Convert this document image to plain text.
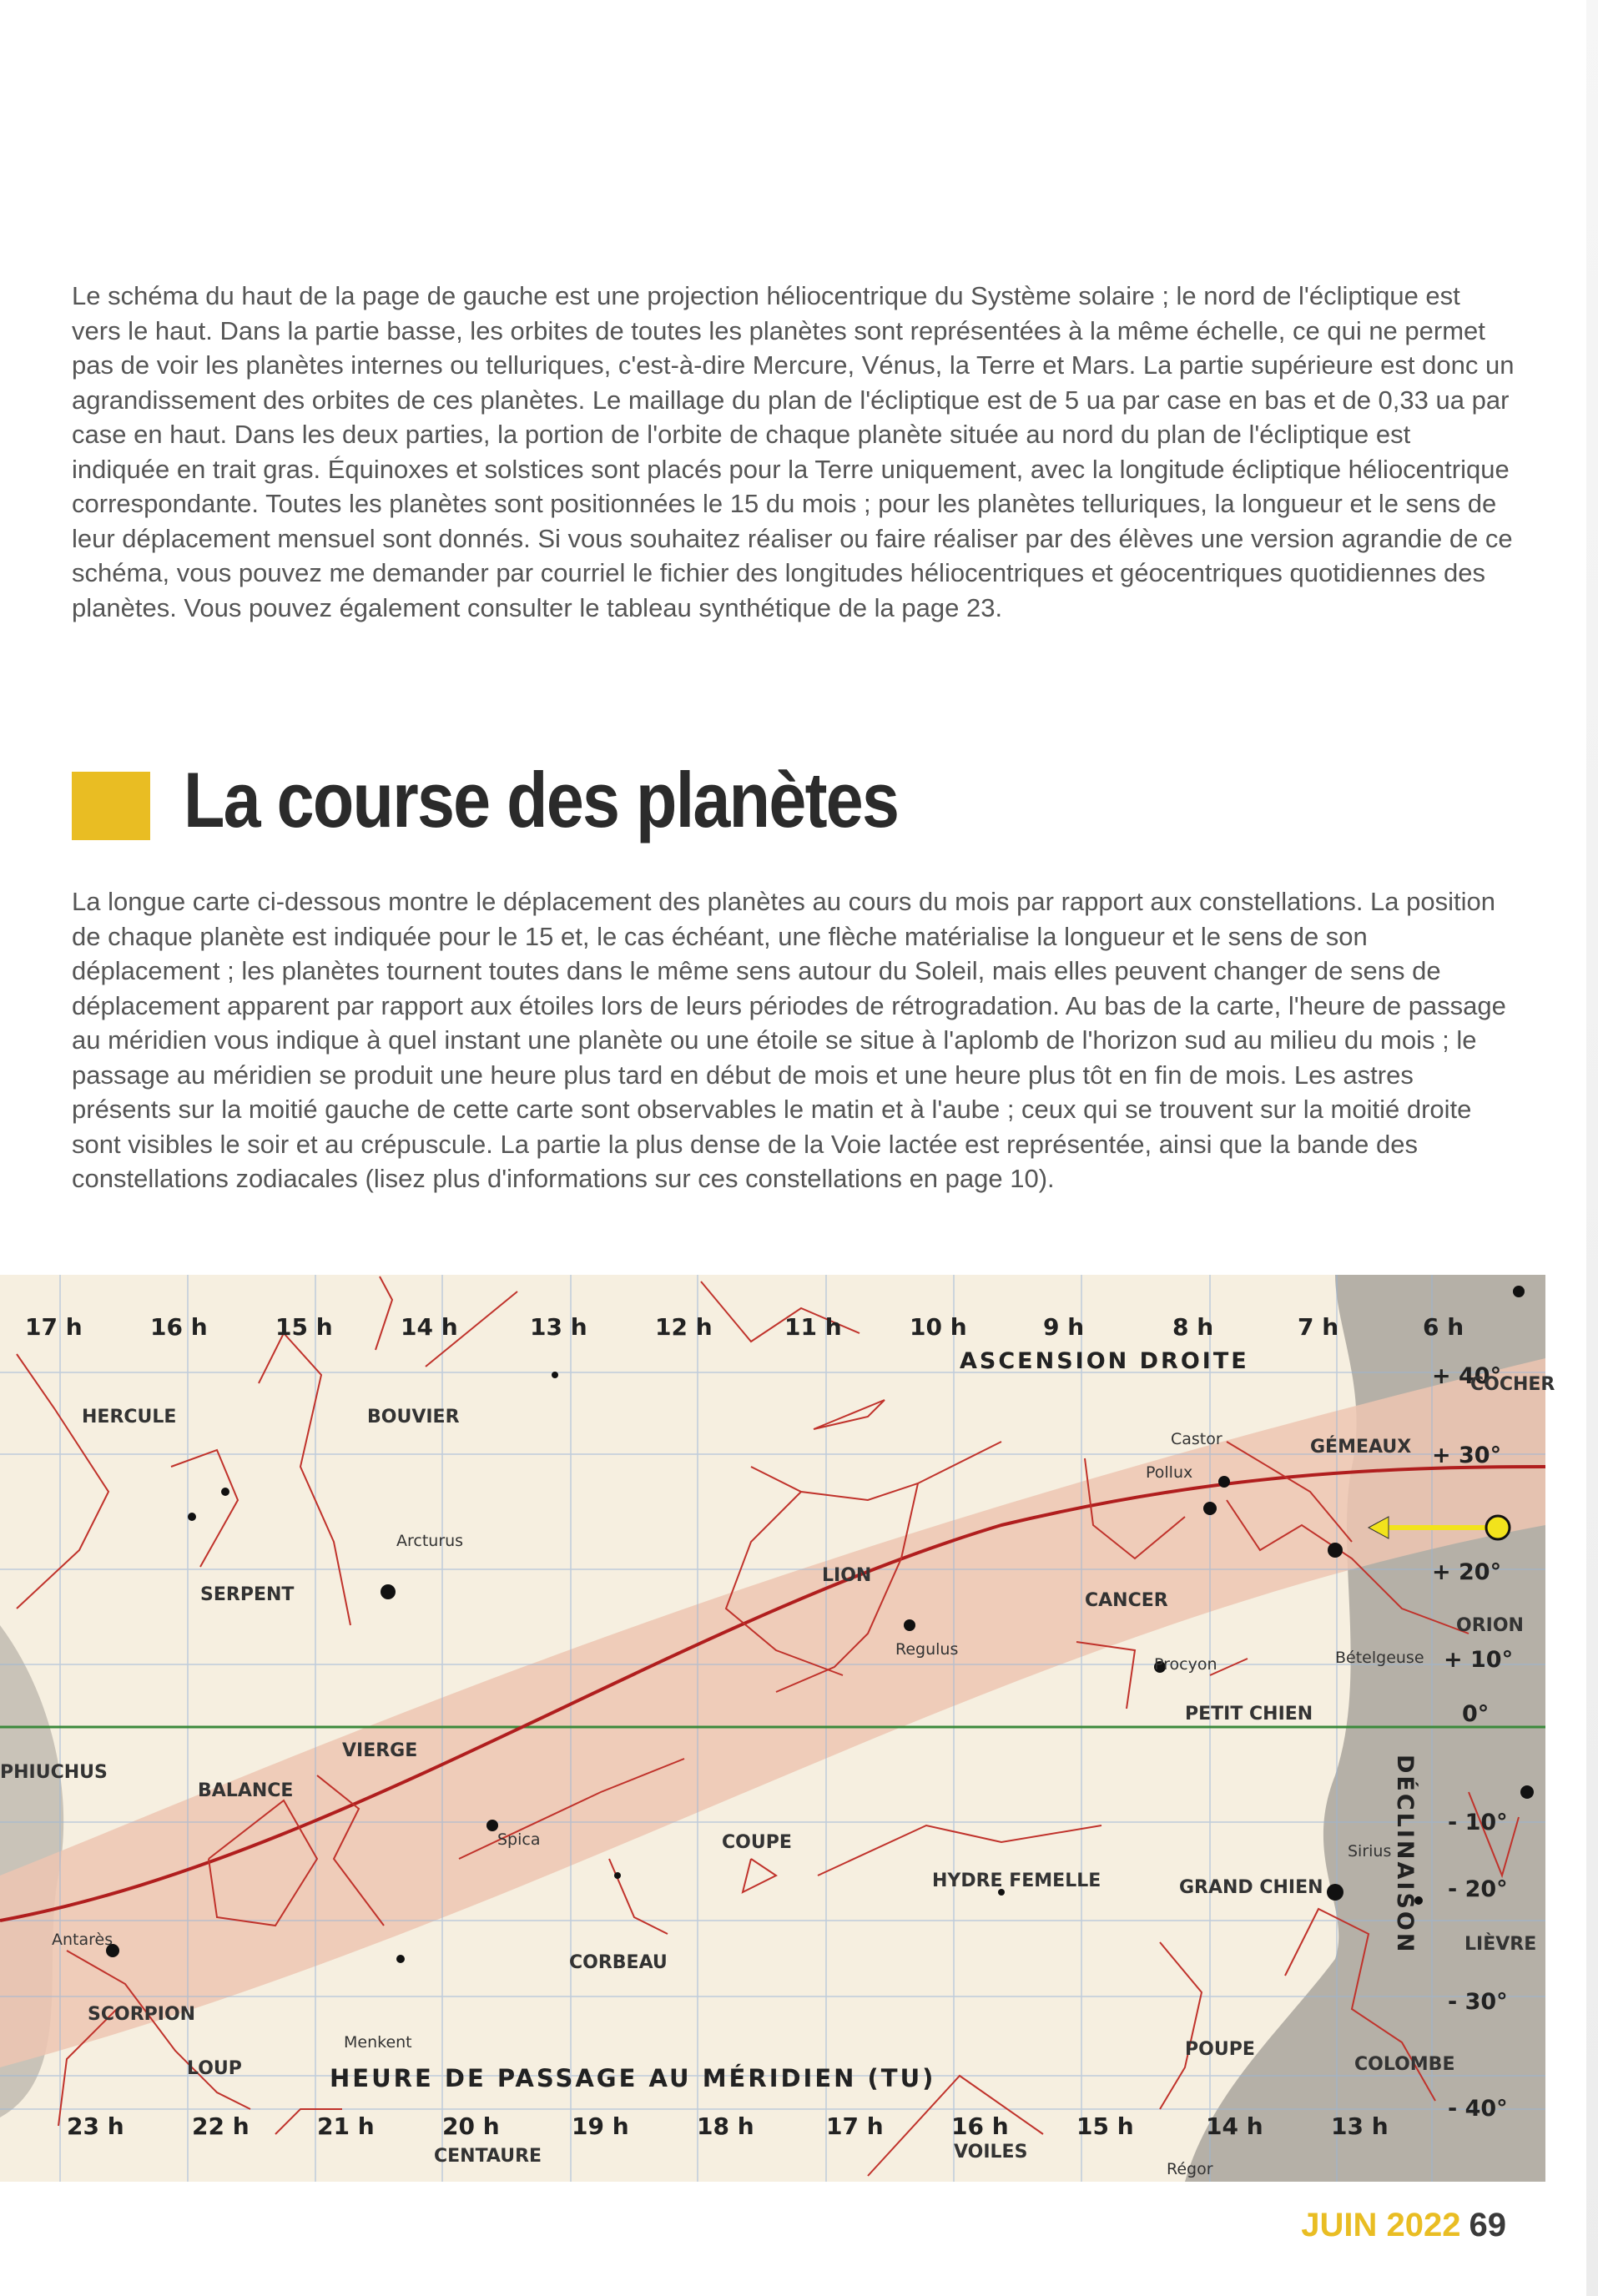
Le schéma du haut de la page de gauche est une projection héliocentrique du Système solaire ; le nord de l'écliptique est vers le haut. Dans la partie basse, les orbites de toutes les planètes sont représentées à la même échelle, ce qui ne permet pas de voir les planètes internes ou telluriques, c'est-à-dire Mercure, Vénus, la Terre et Mars. La partie supérieure est donc un agrandissement des orbites de ces planètes. Le maillage du plan de l'écliptique est de 5 ua par case en bas et de 0,33 ua par case en haut. Dans les deux parties, la portion de l'orbite de chaque planète située au nord du plan de l'écliptique est indiquée en trait gras. Équinoxes et solstices sont placés pour la Terre uniquement, avec la longitude écliptique héliocentrique correspondante. Toutes les planètes sont positionnées le 15 du mois ; pour les planètes telluriques, la longueur et le sens de leur déplacement mensuel sont donnés. Si vous souhaitez réaliser ou faire réaliser par des élèves une version agrandie de ce schéma, vous pouvez me demander par courriel le fichier des longitudes héliocentriques et géocentriques quotidiennes des planètes. Vous pouvez également consulter le tableau synthétique de la page 23.

La course des planètes

La longue carte ci-dessous montre le déplacement des planètes au cours du mois par rapport aux constellations. La position de chaque planète est indiquée pour le 15 et, le cas échéant, une flèche matérialise la longueur et le sens de son déplacement ; les planètes tournent toutes dans le même sens autour du Soleil, mais elles peuvent changer de sens de déplacement apparent par rapport aux étoiles lors de leurs périodes de rétrogradation. Au bas de la carte, l'heure de passage au méridien vous indique à quel instant une planète ou une étoile se situe à l'aplomb de l'horizon sud au milieu du mois ; le passage au méridien se produit une heure plus tard en début de mois et une heure plus tôt en fin de mois. Les astres présents sur la moitié gauche de cette carte sont observables le matin et à l'aube ; ceux qui se trouvent sur la moitié droite sont visibles le soir et au crépuscule. La partie la plus dense de la Voie lactée est représentée, ainsi que la bande des constellations zodiacales (lisez plus d'informations sur ces constellations en page 10).

17 h	16 h	15 h	14 h	13 h	12 h	11 h	10 h	9 h	8 h	7 h	6 h
ASCENSION DROITE
+ 40°
+ 30°
+ 20°
+ 10°
0°
- 10°
- 20°
- 30°
- 40°
DÉCLINAISON
HEURE DE PASSAGE AU MÉRIDIEN (TU)
23 h	22 h	21 h	20 h	19 h	18 h	17 h	16 h	15 h	14 h	13 h
HERCULE	BOUVIER
SERPENT
LION
CANCER
GÉMEAUX
COCHER
ORION
PETIT CHIEN
PHIUCHUS
VIERGE
BALANCE
COUPE
HYDRE FEMELLE	GRAND CHIEN
LIÈVRE
CORBEAU
SCORPION
LOUP
CENTAURE
POUPE
COLOMBE
VOILES
Castor
Pollux
Arcturus
Regulus
Procyon	Bételgeuse
Spica
Sirius
Antarès
Menkent
Régor
JUIN 2022 69
